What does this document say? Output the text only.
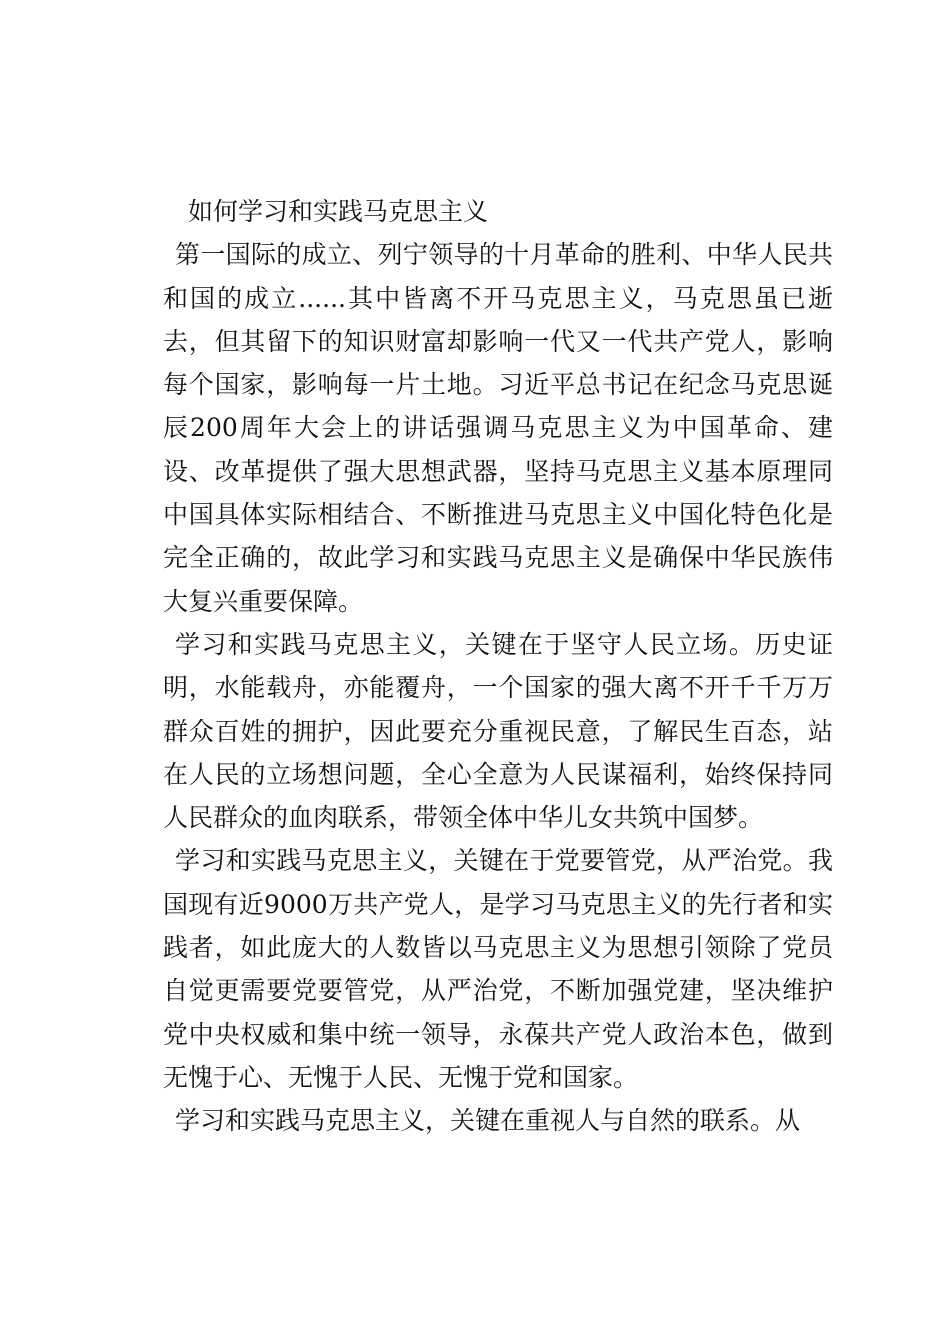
如何学习和实践马克思主义

第一国际的成立、列宁领导的十月革命的胜利、中华人民共和国的成立......其中皆离不开马克思主义，马克思虽已逝去，但其留下的知识财富却影响一代又一代共产党人，影响每个国家，影响每一片土地。习近平总书记在纪念马克思诞辰200周年大会上的讲话强调马克思主义为中国革命、建设、改革提供了强大思想武器，坚持马克思主义基本原理同中国具体实际相结合、不断推进马克思主义中国化特色化是完全正确的，故此学习和实践马克思主义是确保中华民族伟大复兴重要保障。

学习和实践马克思主义，关键在于坚守人民立场。历史证明，水能载舟，亦能覆舟，一个国家的强大离不开千千万万群众百姓的拥护，因此要充分重视民意，了解民生百态，站在人民的立场想问题，全心全意为人民谋福利，始终保持同人民群众的血肉联系，带领全体中华儿女共筑中国梦。

学习和实践马克思主义，关键在于党要管党，从严治党。我国现有近9000万共产党人，是学习马克思主义的先行者和实践者，如此庞大的人数皆以马克思主义为思想引领除了党员自觉更需要党要管党，从严治党，不断加强党建，坚决维护党中央权威和集中统一领导，永葆共产党人政治本色，做到无愧于心、无愧于人民、无愧于党和国家。

学习和实践马克思主义，关键在重视人与自然的联系。从
